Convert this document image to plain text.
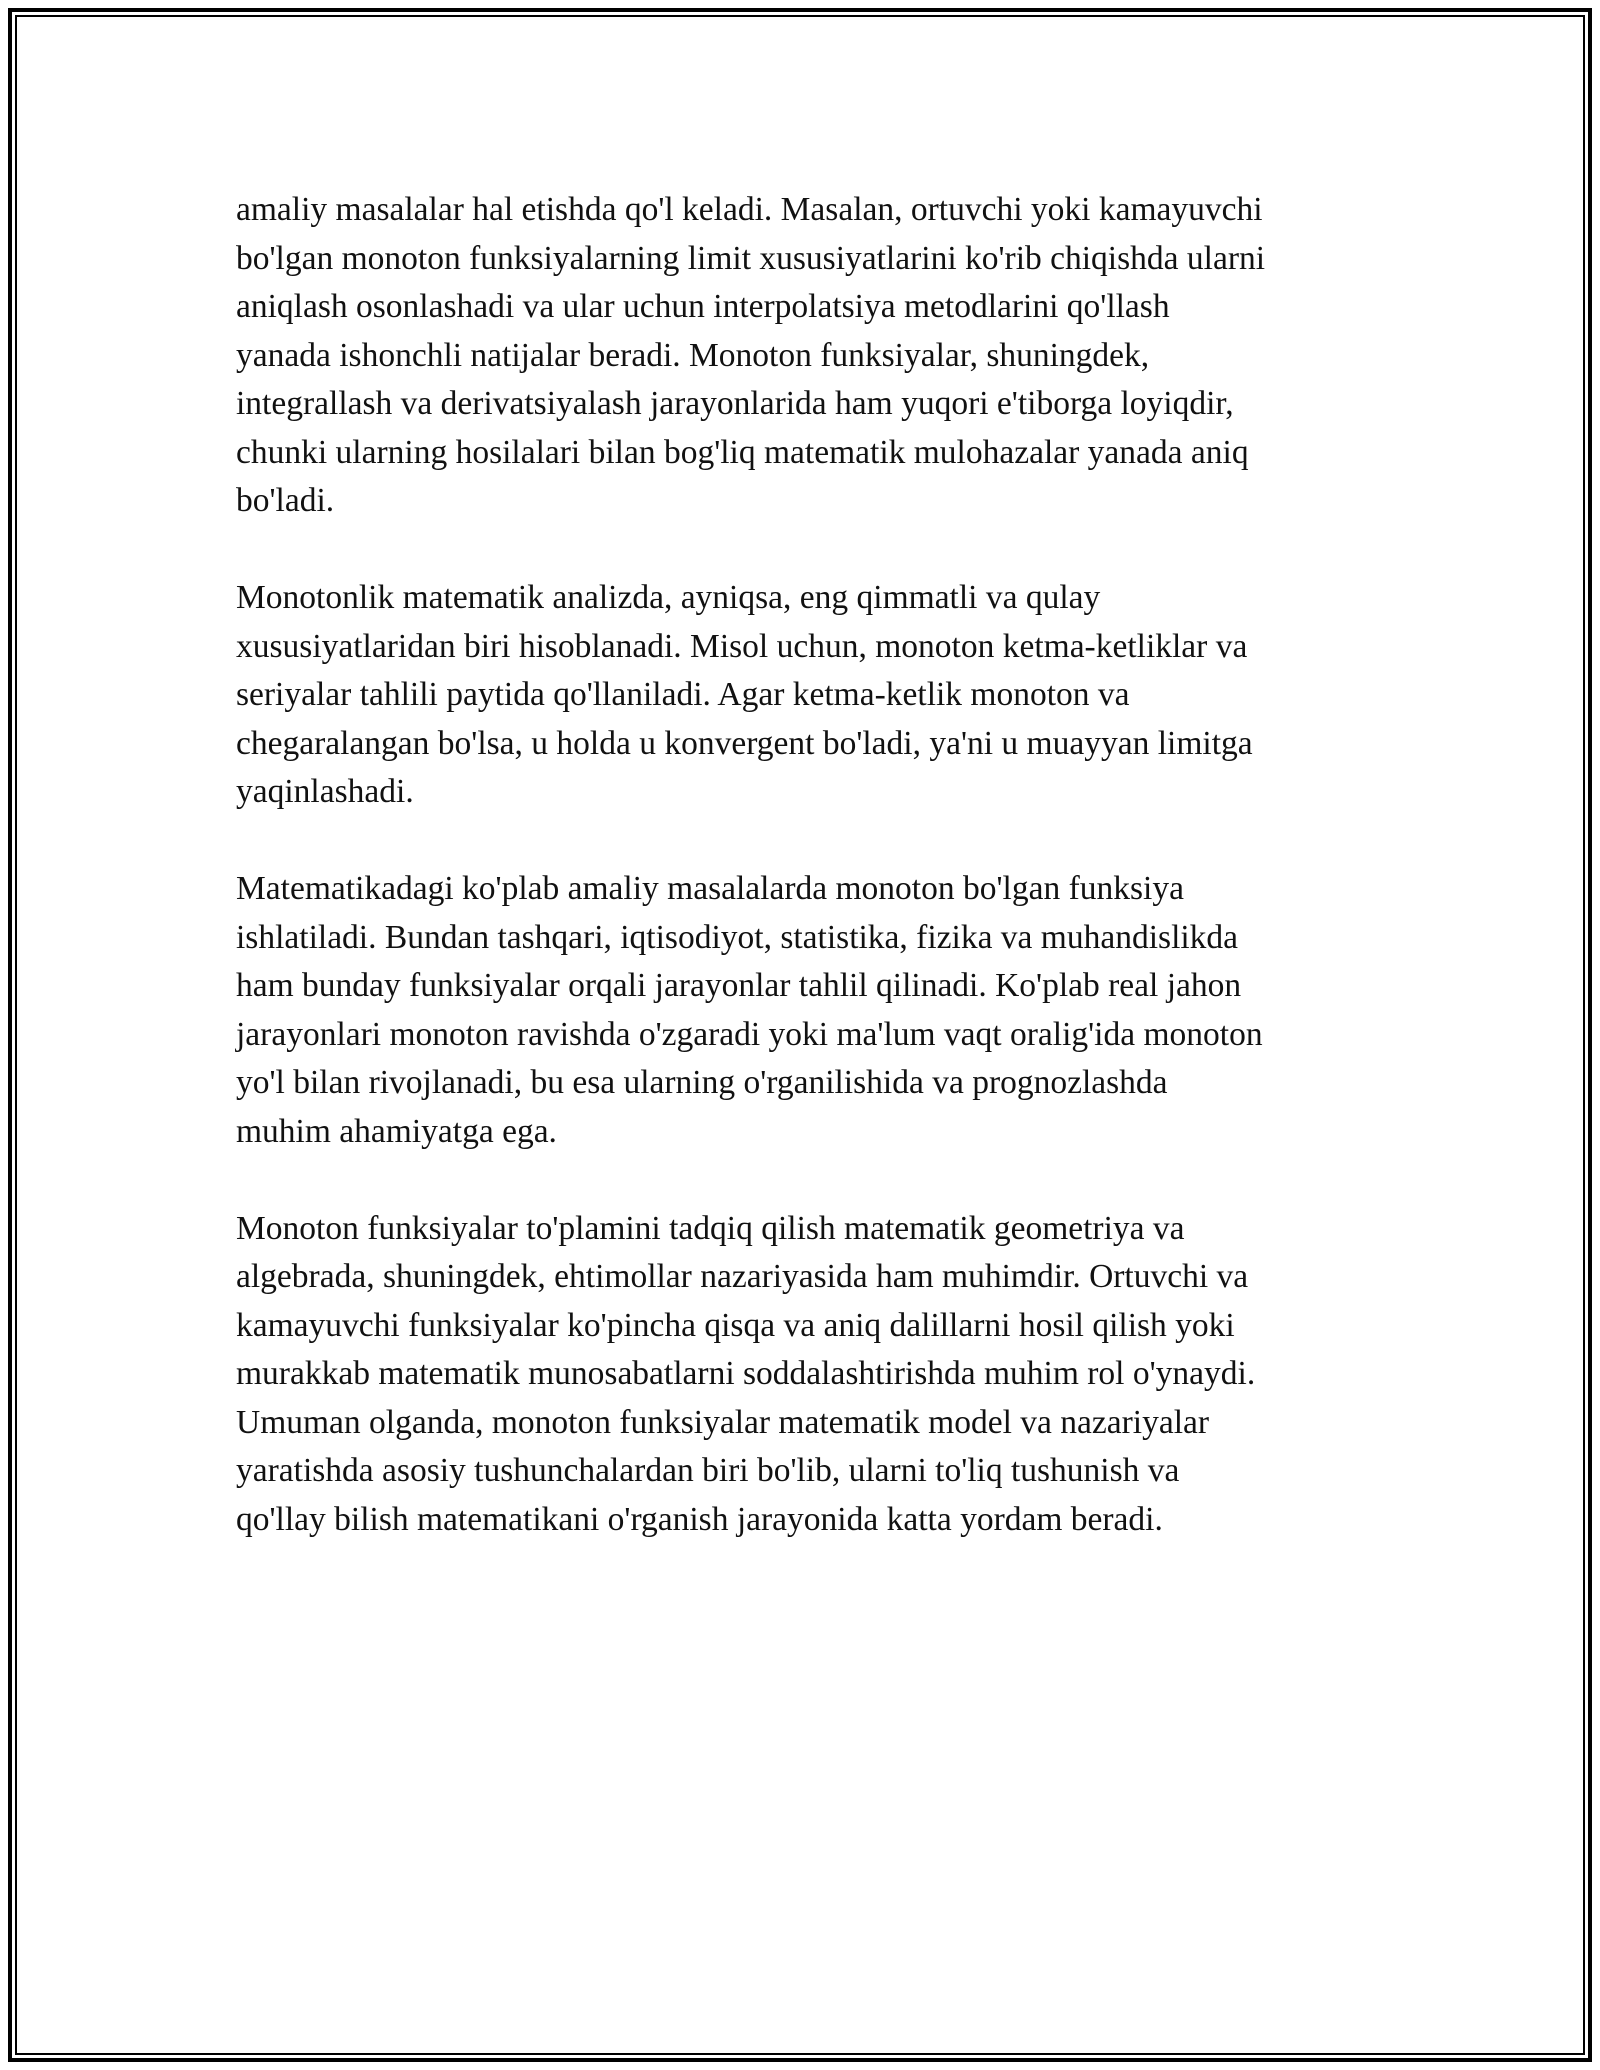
amaliy masalalar hal etishda qo'l keladi. Masalan, ortuvchi yoki kamayuvchi
bo'lgan monoton funksiyalarning limit xususiyatlarini ko'rib chiqishda ularni
aniqlash osonlashadi va ular uchun interpolatsiya metodlarini qo'llash
yanada ishonchli natijalar beradi. Monoton funksiyalar, shuningdek,
integrallash va derivatsiyalash jarayonlarida ham yuqori e'tiborga loyiqdir,
chunki ularning hosilalari bilan bog'liq matematik mulohazalar yanada aniq
bo'ladi.

Monotonlik matematik analizda, ayniqsa, eng qimmatli va qulay
xususiyatlaridan biri hisoblanadi. Misol uchun, monoton ketma-ketliklar va
seriyalar tahlili paytida qo'llaniladi. Agar ketma-ketlik monoton va
chegaralangan bo'lsa, u holda u konvergent bo'ladi, ya'ni u muayyan limitga
yaqinlashadi.

Matematikadagi ko'plab amaliy masalalarda monoton bo'lgan funksiya
ishlatiladi. Bundan tashqari, iqtisodiyot, statistika, fizika va muhandislikda
ham bunday funksiyalar orqali jarayonlar tahlil qilinadi. Ko'plab real jahon
jarayonlari monoton ravishda o'zgaradi yoki ma'lum vaqt oralig'ida monoton
yo'l bilan rivojlanadi, bu esa ularning o'rganilishida va prognozlashda
muhim ahamiyatga ega.

Monoton funksiyalar to'plamini tadqiq qilish matematik geometriya va
algebrada, shuningdek, ehtimollar nazariyasida ham muhimdir. Ortuvchi va
kamayuvchi funksiyalar ko'pincha qisqa va aniq dalillarni hosil qilish yoki
murakkab matematik munosabatlarni soddalashtirishda muhim rol o'ynaydi.
Umuman olganda, monoton funksiyalar matematik model va nazariyalar
yaratishda asosiy tushunchalardan biri bo'lib, ularni to'liq tushunish va
qo'llay bilish matematikani o'rganish jarayonida katta yordam beradi.
